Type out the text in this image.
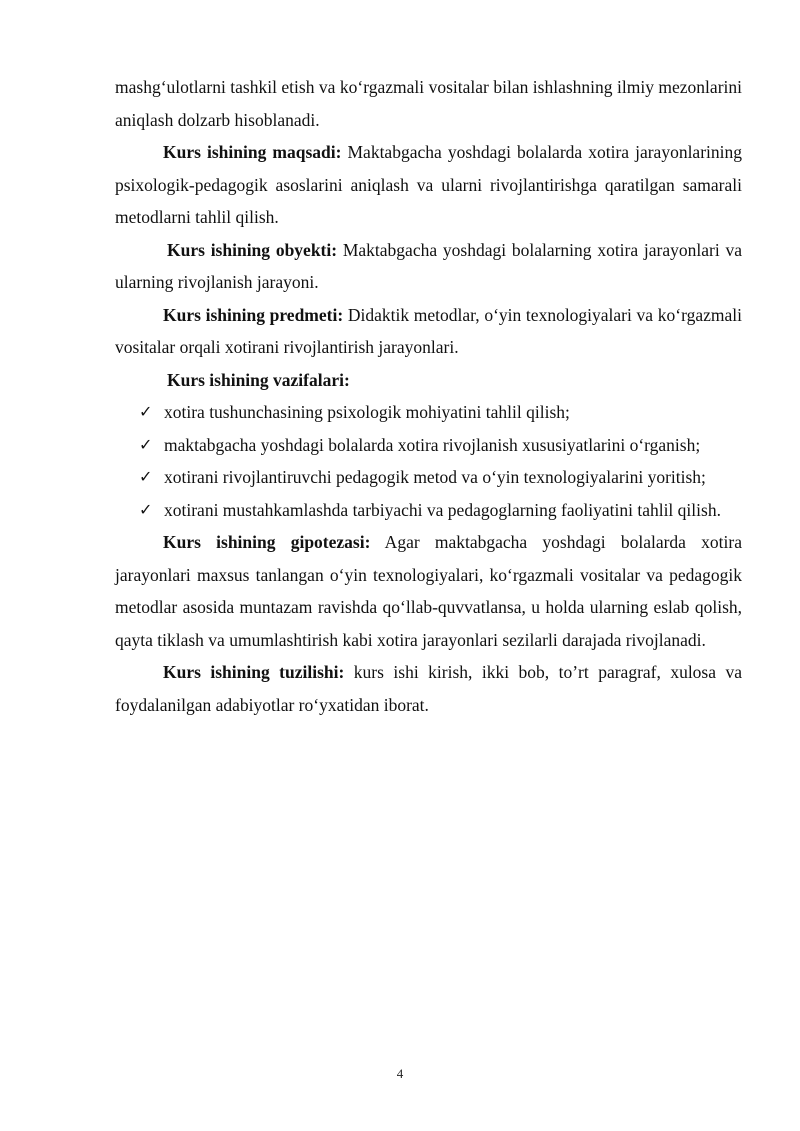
mashg‘ulotlarni tashkil etish va ko‘rgazmali vositalar bilan ishlashning ilmiy mezonlarini aniqlash dolzarb hisoblanadi.

Kurs ishining maqsadi: Maktabgacha yoshdagi bolalarda xotira jarayonlarining psixologik-pedagogik asoslarini aniqlash va ularni rivojlantirishga qaratilgan samarali metodlarni tahlil qilish.

Kurs ishining obyekti: Maktabgacha yoshdagi bolalarning xotira jarayonlari va ularning rivojlanish jarayoni.

Kurs ishining predmeti: Didaktik metodlar, o‘yin texnologiyalari va ko‘rgazmali vositalar orqali xotirani rivojlantirish jarayonlari.

Kurs ishining vazifalari:

✓ xotira tushunchasining psixologik mohiyatini tahlil qilish;
✓ maktabgacha yoshdagi bolalarda xotira rivojlanish xususiyatlarini o‘rganish;
✓ xotirani rivojlantiruvchi pedagogik metod va o‘yin texnologiyalarini yoritish;
✓ xotirani mustahkamlashda tarbiyachi va pedagoglarning faoliyatini tahlil qilish.

Kurs ishining gipotezasi: Agar maktabgacha yoshdagi bolalarda xotira jarayonlari maxsus tanlangan o‘yin texnologiyalari, ko‘rgazmali vositalar va pedagogik metodlar asosida muntazam ravishda qo‘llab-quvvatlansa, u holda ularning eslab qolish, qayta tiklash va umumlashtirish kabi xotira jarayonlari sezilarli darajada rivojlanadi.

Kurs ishining tuzilishi: kurs ishi kirish, ikki bob, to’rt paragraf, xulosa va foydalanilgan adabiyotlar ro‘yxatidan iborat.

4
